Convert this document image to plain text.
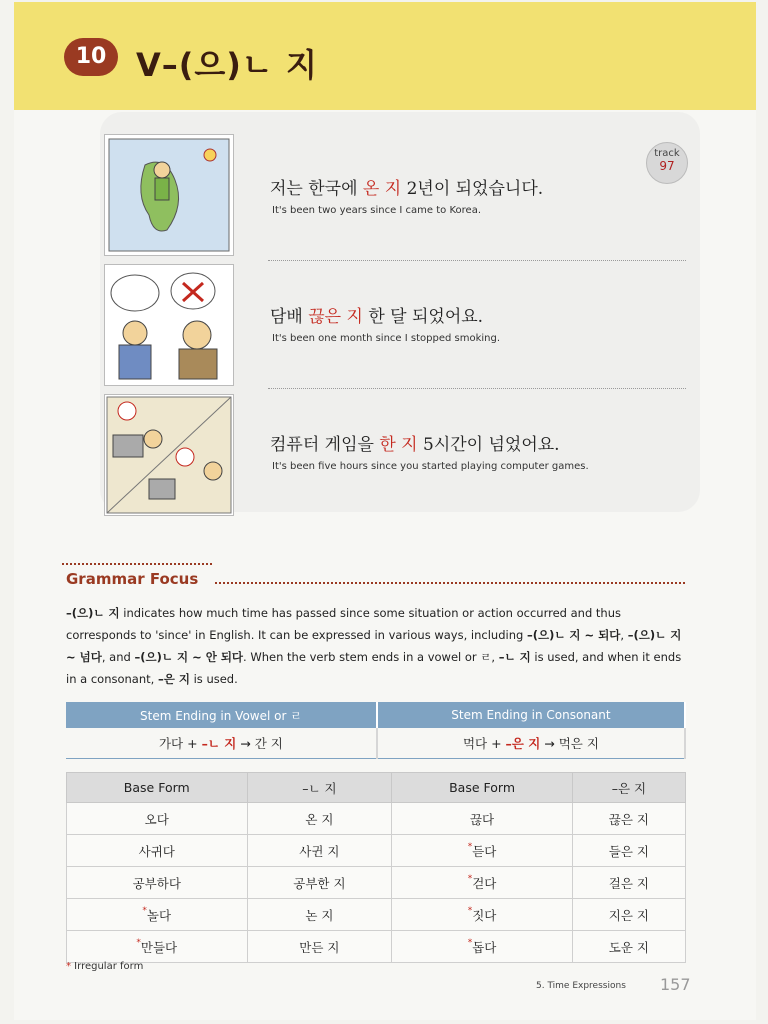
10 V–(으)ㄴ 지
track
97
저는 한국에 온 지 2년이 되었습니다.
It's been two years since I came to Korea.
담배 끊은 지 한 달 되었어요.
It's been one month since I stopped smoking.
컴퓨터 게임을 한 지 5시간이 넘었어요.
It's been five hours since you started playing computer games.
Grammar Focus
–(으)ㄴ 지 indicates how much time has passed since some situation or action occurred and thus corresponds to 'since' in English. It can be expressed in various ways, including –(으)ㄴ 지 ~ 되다, –(으)ㄴ 지 ~ 넘다, and –(으)ㄴ 지 ~ 안 되다. When the verb stem ends in a vowel or ㄹ, –ㄴ 지 is used, and when it ends in a consonant, –은 지 is used.
Stem Ending in Vowel or ㄹ	Stem Ending in Consonant
가다 + –ㄴ 지 → 간 지	먹다 + –은 지 → 먹은 지
Base Form	–ㄴ 지	Base Form	–은 지
오다	온 지	끊다	끊은 지
사귀다	사귄 지	*듣다	들은 지
공부하다	공부한 지	*걷다	걸은 지
*놀다	논 지	*짓다	지은 지
*만들다	만든 지	*돕다	도운 지
* Irregular form
5. Time Expressions 157
